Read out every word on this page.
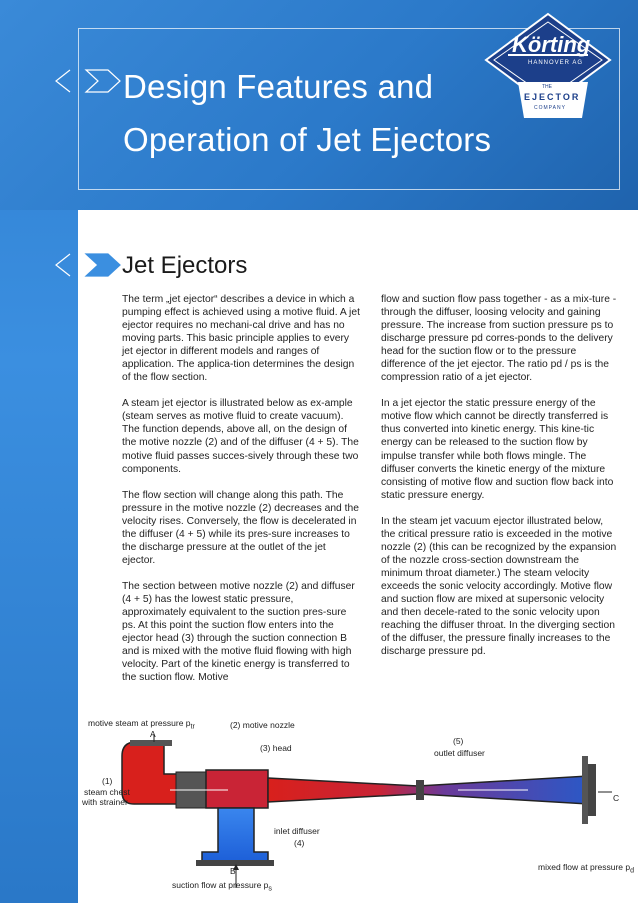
Design Features and
Operation of Jet Ejectors
Körting
HANNOVER AG
THE
EJECTOR
COMPANY
Jet Ejectors

The term „jet ejector“ describes a device in which a pumping effect is achieved using a motive fluid. A jet ejector requires no mechani-cal drive and has no moving parts. This basic principle applies to every jet ejector in different models and ranges of application. The applica-tion determines the design of the flow section.

A steam jet ejector is illustrated below as ex-ample (steam serves as motive fluid to create vacuum). The function depends, above all, on the design of the motive nozzle (2) and of the diffuser (4 + 5). The motive fluid passes succes-sively through these two components.

The flow section will change along this path. The pressure in the motive nozzle (2) decreases and the velocity rises. Conversely, the flow is decelerated in the diffuser (4 + 5) while its pres-sure increases to the discharge pressure at the outlet of the jet ejector.

The section between motive nozzle (2) and diffuser (4 + 5) has the lowest static pressure, approximately equivalent to the suction pres-sure ps. At this point the suction flow enters into the ejector head (3) through the suction connection B and is mixed with the motive fluid flowing with high velocity. Part of the kinetic energy is transferred to the suction flow. Motive

flow and suction flow pass together - as a mix-ture - through the diffuser, loosing velocity and gaining pressure. The increase from suction pressure ps to discharge pressure pd corres-ponds to the delivery head for the suction flow or to the pressure difference of the jet ejector. The ratio pd / ps is the compression ratio of a jet ejector.

In a jet ejector the static pressure energy of the motive flow which cannot be directly transferred is thus converted into kinetic energy. This kine-tic energy can be released to the suction flow by impulse transfer while both flows mingle. The diffuser converts the kinetic energy of the mixture consisting of motive flow and suction flow back into static pressure energy.

In the steam jet vacuum ejector illustrated below, the critical pressure ratio is exceeded in the motive nozzle (2) (this can be recognized by the expansion of the nozzle cross-section downstream the minimum throat diameter.) The steam velocity exceeds the sonic velocity accordingly. Motive flow and suction flow are mixed at supersonic velocity and then decele-rated to the sonic velocity upon reaching the diffuser throat. In the diverging section of the diffuser, the pressure finally increases to the discharge pressure pd.

motive steam at pressure $p_{tr}$
A
(2) motive nozzle
(3) head
(5)
outlet diffuser
(1)
steam chest
with strainer	C
inlet diffuser
(4)
B
suction flow at pressure $p_s$
mixed flow at pressure $p_d$
